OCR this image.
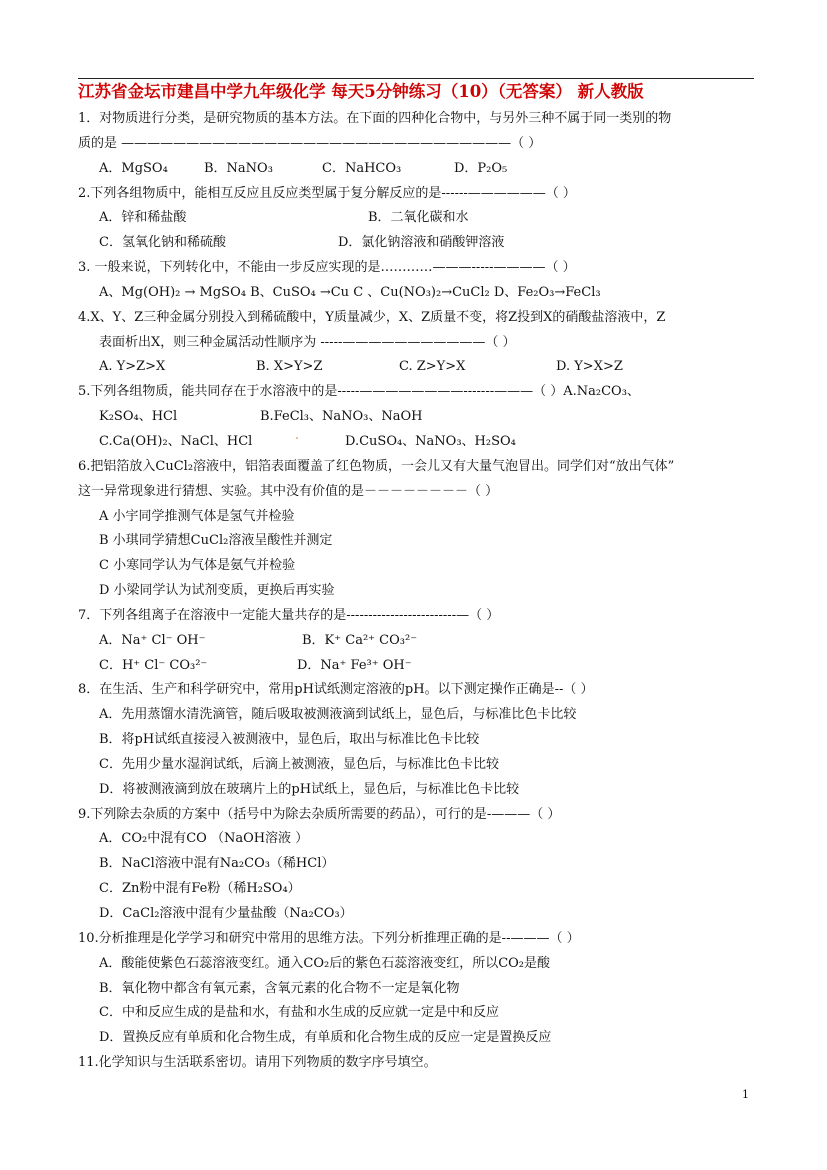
江苏省金坛市建昌中学九年级化学 每天5分钟练习（10）（无答案） 新人教版
1．对物质进行分类，是研究物质的基本方法。在下面的四种化合物中，与另外三种不属于同一类别的物
质的是 ——————————————————————————————（ ）
A．MgSO₄	B．NaNO₃	C．NaHCO₃	D．P₂O₅
2.下列各组物质中，能相互反应且反应类型属于复分解反应的是------——————（ ）
A．锌和稀盐酸	B．二氧化碳和水
C．氢氧化钠和稀硫酸	D．氯化钠溶液和硝酸钾溶液
3. 一般来说，下列转化中，不能由一步反应实现的是…………———-----————（ ）
A、Mg(OH)₂ → MgSO₄ B、CuSO₄ →Cu C 、Cu(NO₃)₂→CuCl₂ D、Fe₂O₃→FeCl₃
4.X、Y、Z三种金属分别投入到稀硫酸中，Y质量减少，X、Z质量不变，将Z投到X的硝酸盐溶液中，Z
表面析出X，则三种金属活动性顺序为 -----———————————（ ）
A. Y>Z>X	B. X>Y>Z	C. Z>Y>X	D. Y>X>Z
5.下列各组物质，能共同存在于水溶液中的是-----————————-------———（ ）A.Na₂CO₃、
K₂SO₄、HCl	B.FeCl₃、NaNO₃、NaOH
C.Ca(OH)₂、NaCl、HCl	D.CuSO₄、NaNO₃、H₂SO₄
6.把铝箔放入CuCl₂溶液中，铝箔表面覆盖了红色物质，一会儿又有大量气泡冒出。同学们对“放出气体”
这一异常现象进行猜想、实验。其中没有价值的是－－－－－－－－（ ）
A 小宇同学推测气体是氢气并检验
B 小琪同学猜想CuCl₂溶液呈酸性并测定
C 小寒同学认为气体是氨气并检验
D 小梁同学认为试剂变质，更换后再实验
7．下列各组离子在溶液中一定能大量共存的是-------------------------—（ ）
A．Na⁺ Cl⁻ OH⁻	B．K⁺ Ca²⁺ CO₃²⁻
C．H⁺ Cl⁻ CO₃²⁻	D．Na⁺ Fe³⁺ OH⁻
8．在生活、生产和科学研究中，常用pH试纸测定溶液的pH。以下测定操作正确是--（ ）
A．先用蒸馏水清洗滴管，随后吸取被测液滴到试纸上，显色后，与标准比色卡比较
B．将pH试纸直接浸入被测液中，显色后，取出与标准比色卡比较
C．先用少量水湿润试纸，后滴上被测液，显色后，与标准比色卡比较
D．将被测液滴到放在玻璃片上的pH试纸上，显色后，与标准比色卡比较
9.下列除去杂质的方案中（括号中为除去杂质所需要的药品），可行的是-———（ ）
A．CO₂中混有CO （NaOH溶液 ）
B．NaCl溶液中混有Na₂CO₃（稀HCl）
C．Zn粉中混有Fe粉（稀H₂SO₄）
D．CaCl₂溶液中混有少量盐酸（Na₂CO₃）
10.分析推理是化学学习和研究中常用的思维方法。下列分析推理正确的是--———（ ）
A．酸能使紫色石蕊溶液变红。通入CO₂后的紫色石蕊溶液变红，所以CO₂是酸
B．氧化物中都含有氧元素，含氧元素的化合物不一定是氧化物
C．中和反应生成的是盐和水，有盐和水生成的反应就一定是中和反应
D．置换反应有单质和化合物生成，有单质和化合物生成的反应一定是置换反应
11.化学知识与生活联系密切。请用下列物质的数字序号填空。
1
